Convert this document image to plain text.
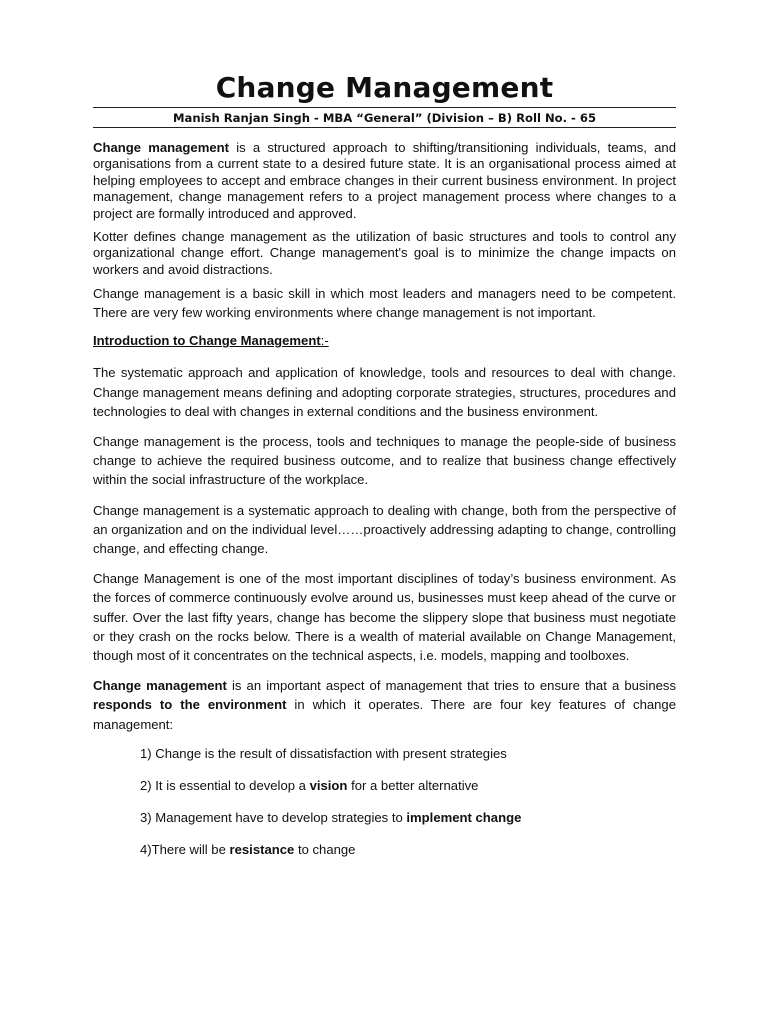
Change Management
Manish Ranjan Singh - MBA “General” (Division – B) Roll No. - 65

Change management is a structured approach to shifting/transitioning individuals, teams, and organisations from a current state to a desired future state. It is an organisational process aimed at helping employees to accept and embrace changes in their current business environment. In project management, change management refers to a project management process where changes to a project are formally introduced and approved.

Kotter defines change management as the utilization of basic structures and tools to control any organizational change effort. Change management's goal is to minimize the change impacts on workers and avoid distractions.

Change management is a basic skill in which most leaders and managers need to be competent. There are very few working environments where change management is not important.

Introduction to Change Management:-

The systematic approach and application of knowledge, tools and resources to deal with change. Change management means defining and adopting corporate strategies, structures, procedures and technologies to deal with changes in external conditions and the business environment.

Change management is the process, tools and techniques to manage the people-side of business change to achieve the required business outcome, and to realize that business change effectively within the social infrastructure of the workplace.

Change management is a systematic approach to dealing with change, both from the perspective of an organization and on the individual level……proactively addressing adapting to change, controlling change, and effecting change.

Change Management is one of the most important disciplines of today’s business environment. As the forces of commerce continuously evolve around us, businesses must keep ahead of the curve or suffer. Over the last fifty years, change has become the slippery slope that business must negotiate or they crash on the rocks below. There is a wealth of material available on Change Management, though most of it concentrates on the technical aspects, i.e. models, mapping and toolboxes.

Change management is an important aspect of management that tries to ensure that a business responds to the environment in which it operates. There are four key features of change management:

1) Change is the result of dissatisfaction with present strategies
2) It is essential to develop a vision for a better alternative
3) Management have to develop strategies to implement change
4)There will be resistance to change
